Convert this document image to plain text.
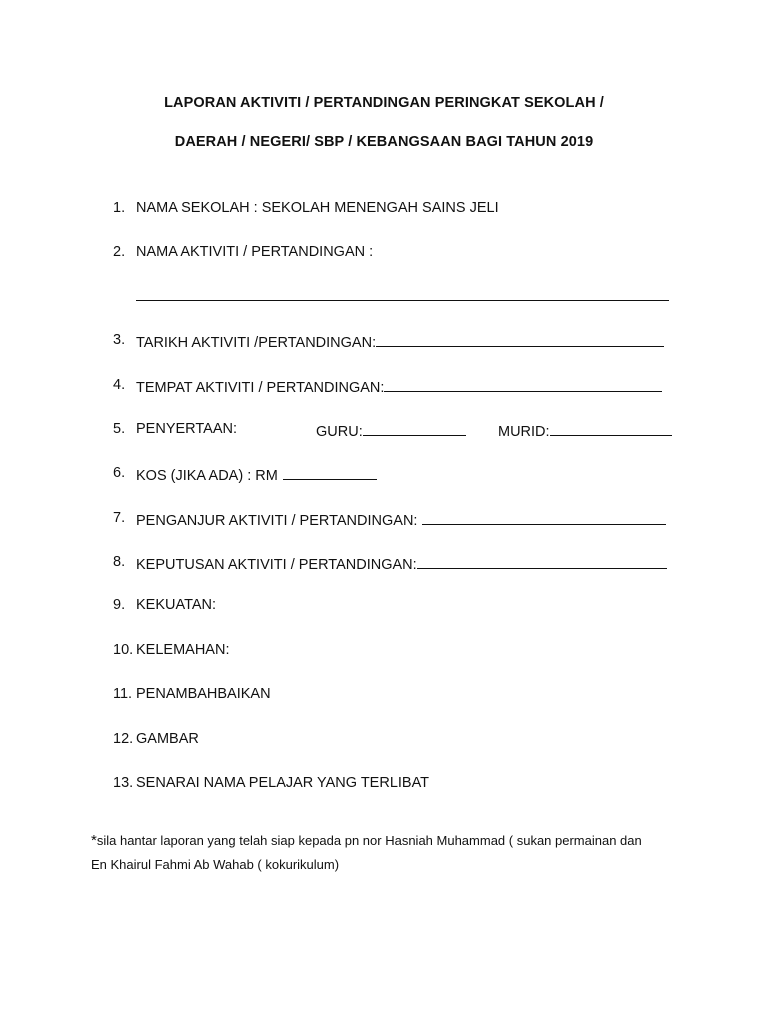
LAPORAN AKTIVITI / PERTANDINGAN PERINGKAT SEKOLAH /
DAERAH / NEGERI/ SBP / KEBANGSAAN BAGI TAHUN 2019
1. NAMA SEKOLAH : SEKOLAH MENENGAH SAINS JELI
2. NAMA AKTIVITI / PERTANDINGAN :
3. TARIKH AKTIVITI /PERTANDINGAN:
4. TEMPAT AKTIVITI / PERTANDINGAN:
5. PENYERTAAN:	GURU:	MURID:
6. KOS (JIKA ADA) : RM
7. PENGANJUR AKTIVITI / PERTANDINGAN:
8. KEPUTUSAN AKTIVITI / PERTANDINGAN:
9. KEKUATAN:
10. KELEMAHAN:
11. PENAMBAHBAIKAN
12. GAMBAR
13. SENARAI NAMA PELAJAR YANG TERLIBAT
*sila hantar laporan yang telah siap kepada pn nor Hasniah Muhammad ( sukan permainan dan
En Khairul Fahmi Ab Wahab ( kokurikulum)
